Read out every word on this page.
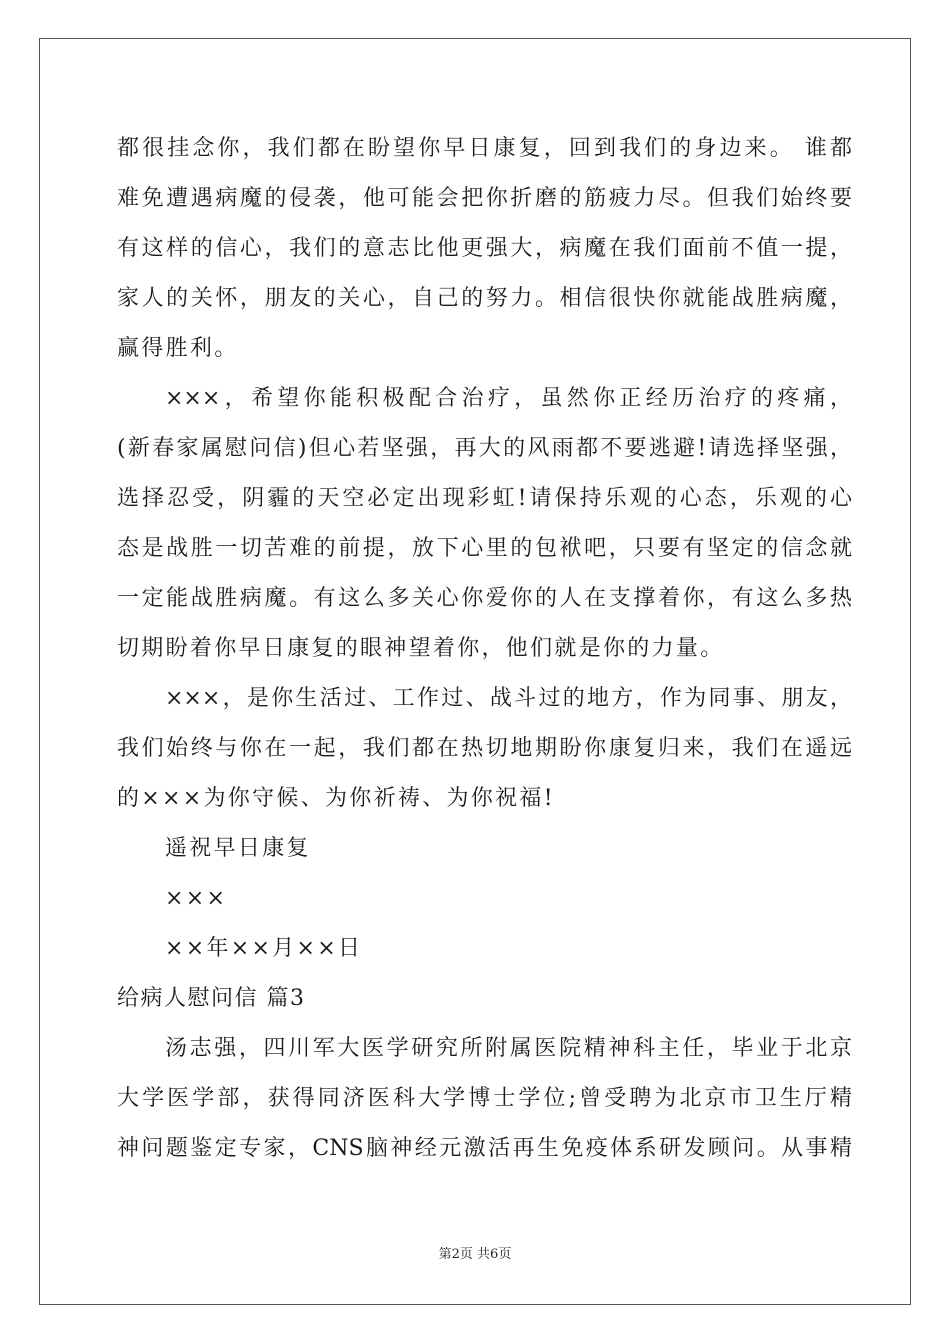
都很挂念你，我们都在盼望你早日康复，回到我们的身边来。 谁都
难免遭遇病魔的侵袭，他可能会把你折磨的筋疲力尽。但我们始终要
有这样的信心，我们的意志比他更强大，病魔在我们面前不值一提，
家人的关怀，朋友的关心，自己的努力。相信很快你就能战胜病魔，
赢得胜利。
×××，希望你能积极配合治疗，虽然你正经历治疗的疼痛，
(新春家属慰问信)但心若坚强，再大的风雨都不要逃避!请选择坚强，
选择忍受，阴霾的天空必定出现彩虹!请保持乐观的心态，乐观的心
态是战胜一切苦难的前提，放下心里的包袱吧，只要有坚定的信念就
一定能战胜病魔。有这么多关心你爱你的人在支撑着你，有这么多热
切期盼着你早日康复的眼神望着你，他们就是你的力量。
×××，是你生活过、工作过、战斗过的地方，作为同事、朋友，
我们始终与你在一起，我们都在热切地期盼你康复归来，我们在遥远
的×××为你守候、为你祈祷、为你祝福!
遥祝早日康复
×××
××年××月××日
给病人慰问信 篇3
汤志强，四川军大医学研究所附属医院精神科主任，毕业于北京
大学医学部，获得同济医科大学博士学位;曾受聘为北京市卫生厅精
神问题鉴定专家，CNS脑神经元激活再生免疫体系研发顾问。从事精
第2页 共6页
